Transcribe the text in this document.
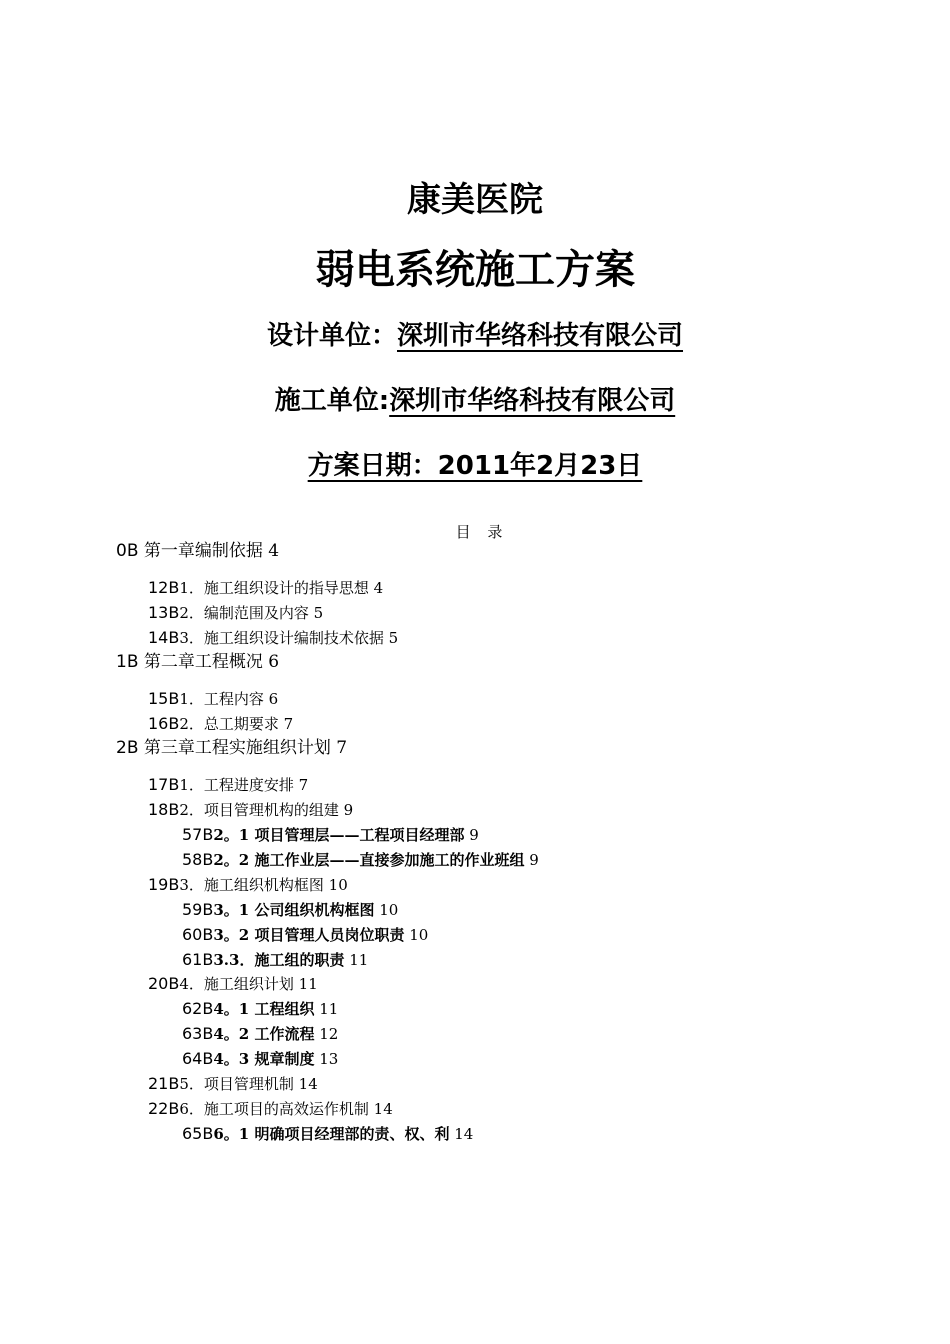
康美医院
弱电系统施工方案
设计单位：深圳市华络科技有限公司
施工单位:深圳市华络科技有限公司
方案日期：2011年2月23日
目 录
0B 第一章编制依据 4
12B1．施工组织设计的指导思想 4
13B2．编制范围及内容 5
14B3．施工组织设计编制技术依据 5
1B 第二章工程概况 6
15B1．工程内容 6
16B2．总工期要求 7
2B 第三章工程实施组织计划 7
17B1．工程进度安排 7
18B2．项目管理机构的组建 9
57B2。1 项目管理层——工程项目经理部 9
58B2。2 施工作业层——直接参加施工的作业班组 9
19B3．施工组织机构框图 10
59B3。1 公司组织机构框图 10
60B3。2 项目管理人员岗位职责 10
61B3.3．施工组的职责 11
20B4．施工组织计划 11
62B4。1 工程组织 11
63B4。2 工作流程 12
64B4。3 规章制度 13
21B5．项目管理机制 14
22B6．施工项目的高效运作机制 14
65B6。1 明确项目经理部的责、权、利 14
